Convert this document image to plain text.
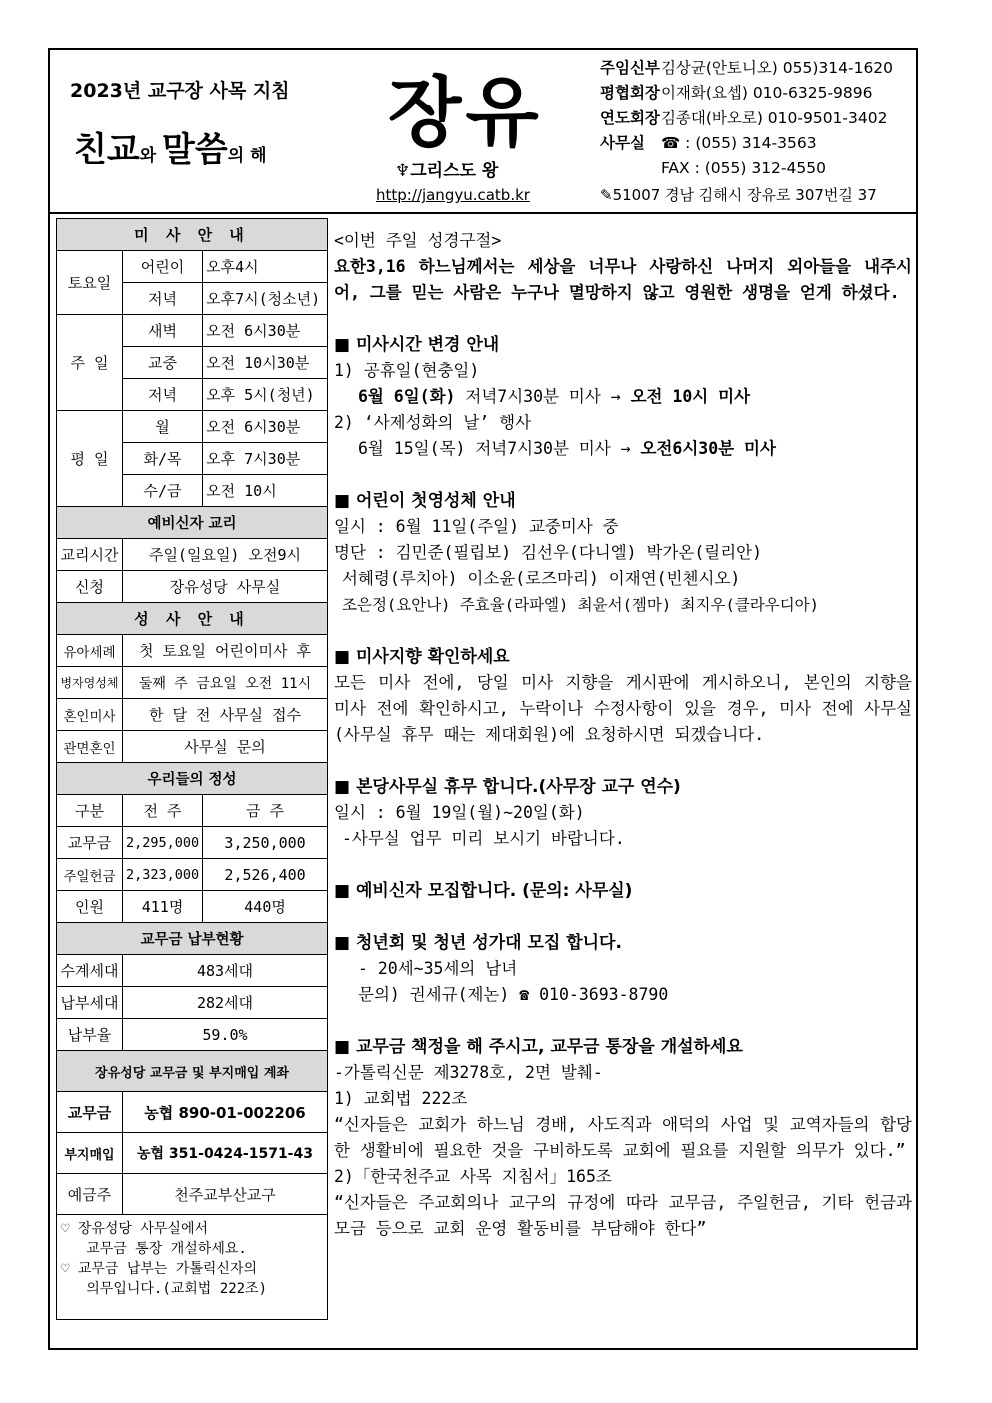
2023년 교구장 사목 지침
친교와 말씀의 해 장유
♆그리스도 왕
http://jangyu.catb.kr
주임신부 김상균(안토니오) 055)314-1620
평협회장 이재화(요셉) 010-6325-9896
연도회장 김종대(바오로) 010-9501-3402
사무실 ☎ : (055) 314-3563
FAX : (055) 312-4550
✎51007 경남 김해시 장유로 307번길 37
미 사 안 내		
토요일	어린이	오후4시
	저녁	오후7시(청소년)
주 일	새벽	오전 6시30분
	교중	오전 10시30분
	저녁	오후 5시(청년)
평 일	월	오전 6시30분
	화/목	오후 7시30분
	수/금	오전 10시
예비신자 교리		
교리시간	주일(일요일) 오전9시	
신청	장유성당 사무실	
성 사 안 내		
유아세례	첫 토요일 어린이미사 후	
병자영성체	둘째 주 금요일 오전 11시	
혼인미사	한 달 전 사무실 접수	
관면혼인	사무실 문의	
우리들의 정성		
구분	전 주	금 주
교무금	2,295,000	3,250,000
주일헌금	2,323,000	2,526,400
인원	411명	440명
교무금 납부현황		
수계세대	483세대	
납부세대	282세대	
납부율	59.0%	
장유성당 교무금 및 부지매입 계좌		
교무금	농협 890-01-002206	
부지매입	농협 351-0424-1571-43	
예금주	천주교부산교구	

♡ 장유성당 사무실에서
교무금 통장 개설하세요.
♡ 교무금 납부는 가톨릭신자의
의무입니다.(교회법 222조)		

<이번 주일 성경구절>

요한3,16 하느님께서는 세상을 너무나 사랑하신 나머지 외아들을 내주시어, 그를 믿는 사람은 누구나 멸망하지 않고 영원한 생명을 얻게 하셨다.

■ 미사시간 변경 안내

1) 공휴일(현충일)

6월 6일(화) 저녁7시30분 미사 → 오전 10시 미사

2) ‘사제성화의 날’ 행사

6월 15일(목) 저녁7시30분 미사 → 오전6시30분 미사

■ 어린이 첫영성체 안내

일시 : 6월 11일(주일) 교중미사 중

명단 : 김민준(필립보) 김선우(다니엘) 박가온(릴리안)

서혜령(루치아) 이소윤(로즈마리) 이재연(빈첸시오)

조은정(요안나) 주효율(라파엘) 최윤서(젬마) 최지우(클라우디아)

■ 미사지향 확인하세요

모든 미사 전에, 당일 미사 지향을 게시판에 게시하오니, 본인의 지향을 미사 전에 확인하시고, 누락이나 수정사항이 있을 경우, 미사 전에 사무실(사무실 휴무 때는 제대회원)에 요청하시면 되겠습니다.

■ 본당사무실 휴무 합니다.(사무장 교구 연수)

일시 : 6월 19일(월)~20일(화)

-사무실 업무 미리 보시기 바랍니다.

■ 예비신자 모집합니다. (문의: 사무실)

■ 청년회 및 청년 성가대 모집 합니다.

- 20세~35세의 남녀

문의) 권세규(제논) ☎ 010-3693-8790

■ 교무금 책정을 해 주시고, 교무금 통장을 개설하세요

-가톨릭신문 제3278호, 2면 발췌-

1) 교회법 222조

“신자들은 교회가 하느님 경배, 사도직과 애덕의 사업 및 교역자들의 합당한 생활비에 필요한 것을 구비하도록 교회에 필요를 지원할 의무가 있다.”

2)「한국천주교 사목 지침서」165조

“신자들은 주교회의나 교구의 규정에 따라 교무금, 주일헌금, 기타 헌금과 모금 등으로 교회 운영 활동비를 부담해야 한다”
